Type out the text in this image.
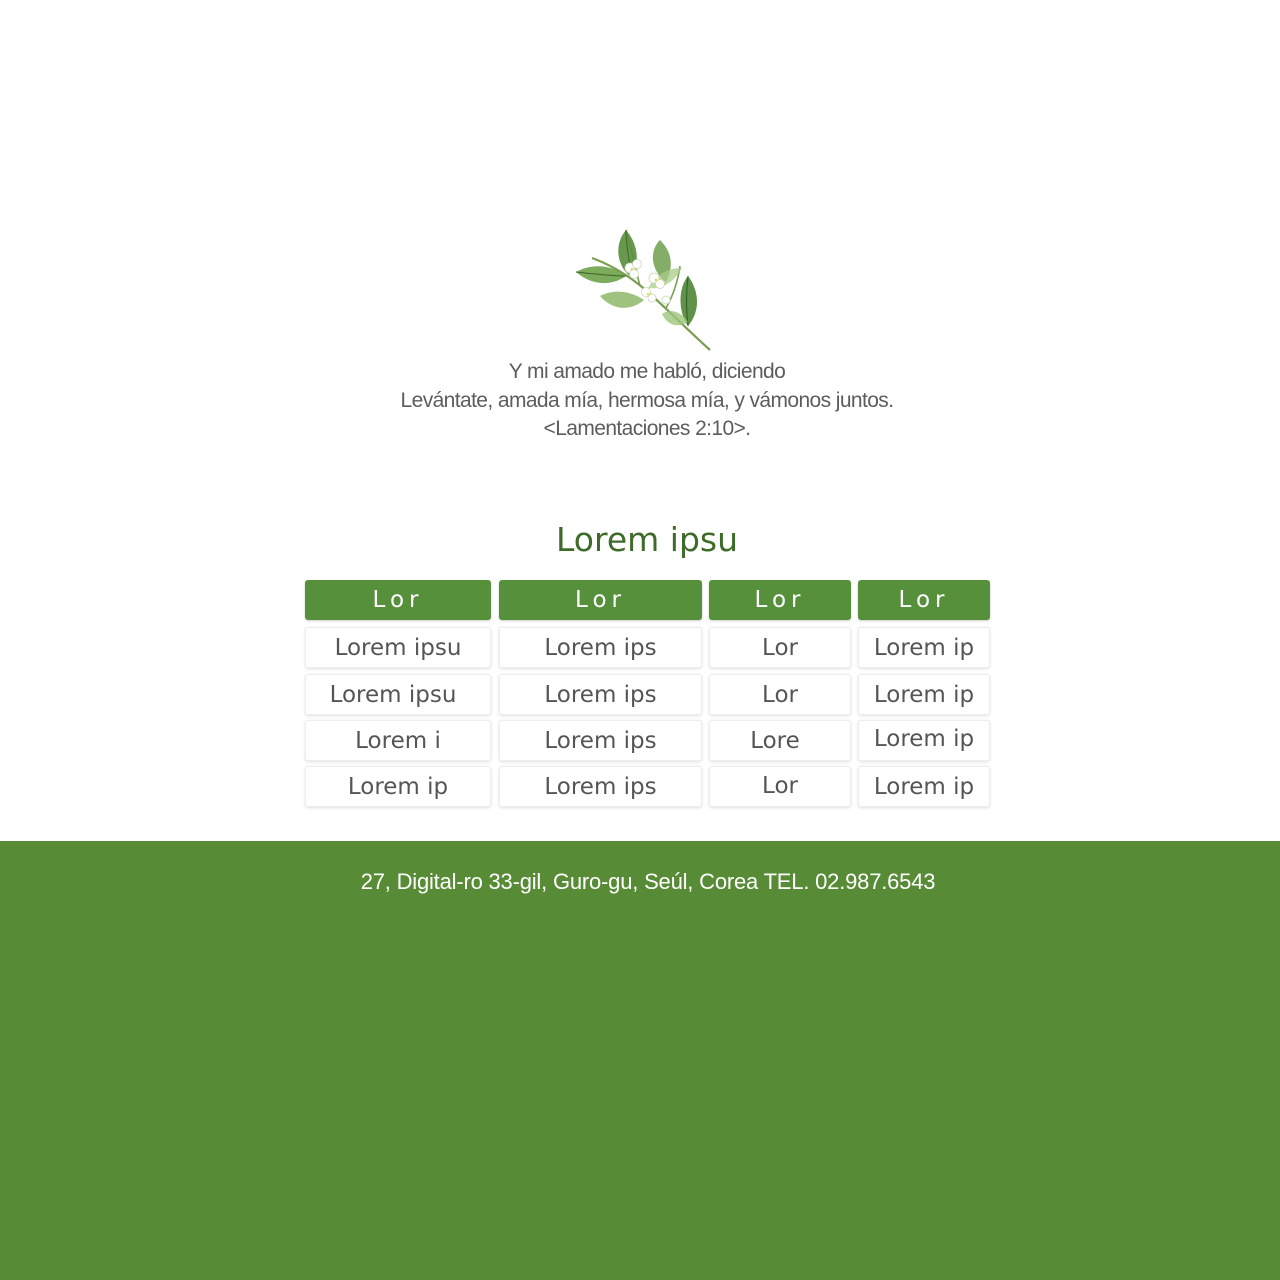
Y mi amado me habló, diciendo
Levántate, amada mía, hermosa mía, y vámonos juntos.
<Lamentaciones 2:10>.
Lorem ipsu
Lor	Lor	Lor	Lor
Lorem ipsu	Lorem ips	Lor	Lorem ip
Lorem ipsu	Lorem ips	Lor	Lorem ip
Lorem i	Lorem ips	Lore	Lorem ip
Lorem ip	Lorem ips	Lor	Lorem ip
27, Digital-ro 33-gil, Guro-gu, Seúl, Corea TEL. 02.987.6543
